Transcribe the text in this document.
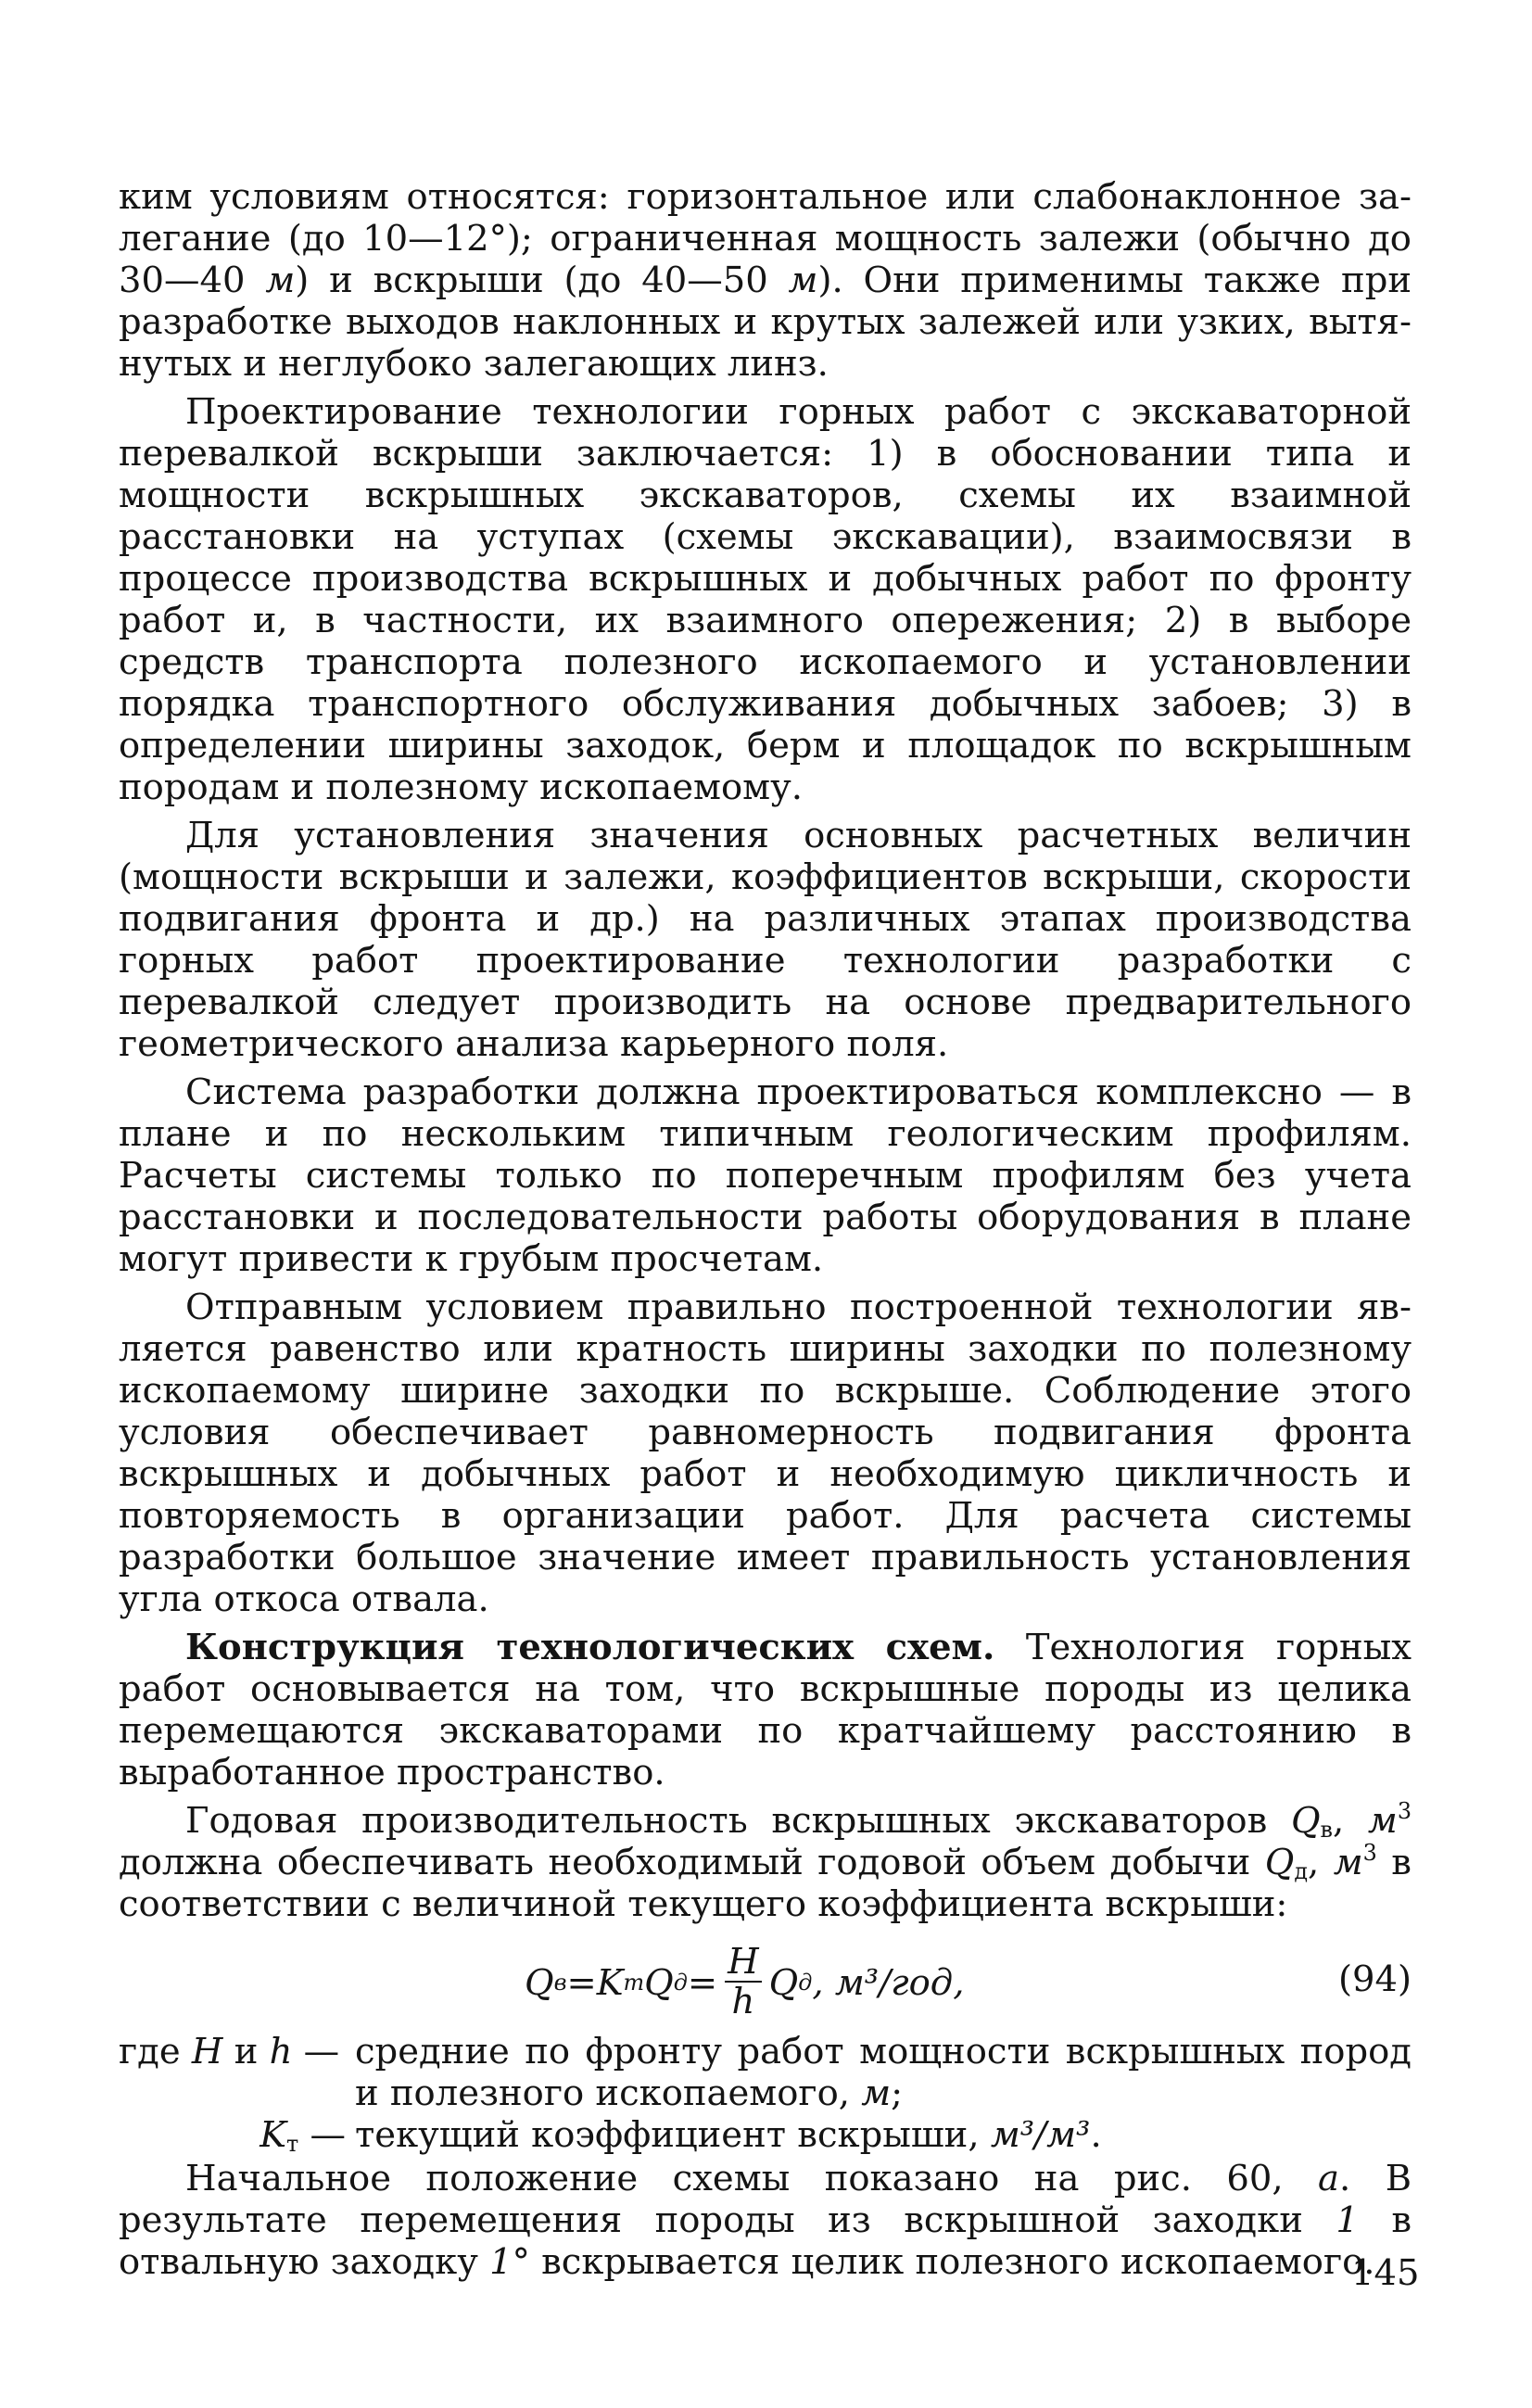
ким условиям относятся: горизонтальное или слабонаклонное залегание (до 10—12°); ограниченная мощность залежи (обычно до 30—40 м) и вскрыши (до 40—50 м). Они применимы также при разработке выходов наклонных и крутых залежей или узких, вытянутых и неглубоко залегающих линз.

Проектирование технологии горных работ с экскаваторной перевалкой вскрыши заключается: 1) в обосновании типа и мощности вскрышных экскаваторов, схемы их взаимной расстановки на уступах (схемы экскавации), взаимосвязи в процессе производства вскрышных и добычных работ по фронту работ и, в частности, их взаимного опережения; 2) в выборе средств транспорта полезного ископаемого и установлении порядка транспортного обслуживания добычных забоев; 3) в определении ширины заходок, берм и площадок по вскрышным породам и полезному ископаемому.

Для установления значения основных расчетных величин (мощности вскрыши и залежи, коэффициентов вскрыши, скорости подвигания фронта и др.) на различных этапах производства горных работ проектирование технологии разработки с перевалкой следует производить на основе предварительного геометрического анализа карьерного поля.

Система разработки должна проектироваться комплексно — в плане и по нескольким типичным геологическим профилям. Расчеты системы только по поперечным профилям без учета расстановки и последовательности работы оборудования в плане могут привести к грубым просчетам.

Отправным условием правильно построенной технологии является равенство или кратность ширины заходки по полезному ископаемому ширине заходки по вскрыше. Соблюдение этого условия обеспечивает равномерность подвигания фронта вскрышных и добычных работ и необходимую цикличность и повторяемость в организации работ. Для расчета системы разработки большое значение имеет правильность установления угла откоса отвала.

Конструкция технологических схем. Технология горных работ основывается на том, что вскрышные породы из целика перемещаются экскаваторами по кратчайшему расстоянию в выработанное пространство.

Годовая производительность вскрышных экскаваторов $Q_в$, $м^3$ должна обеспечивать необходимый годовой объем добычи $Q_д$, $м^3$ в соответствии с величиной текущего коэффициента вскрыши:

Q в = K т Q $д = \frac{H}{h}$ Q д , м³/год,	(94)
где H и h — средние по фронту работ мощности вскрышных пород и полезного ископаемого, м;
$K_т$ — текущий коэффициент вскрыши, м³/м³.

Начальное положение схемы показано на рис. 60, а. В результате перемещения породы из вскрышной заходки 1 в отвальную заходку 1° вскрывается целик полезного ископаемого.

145
